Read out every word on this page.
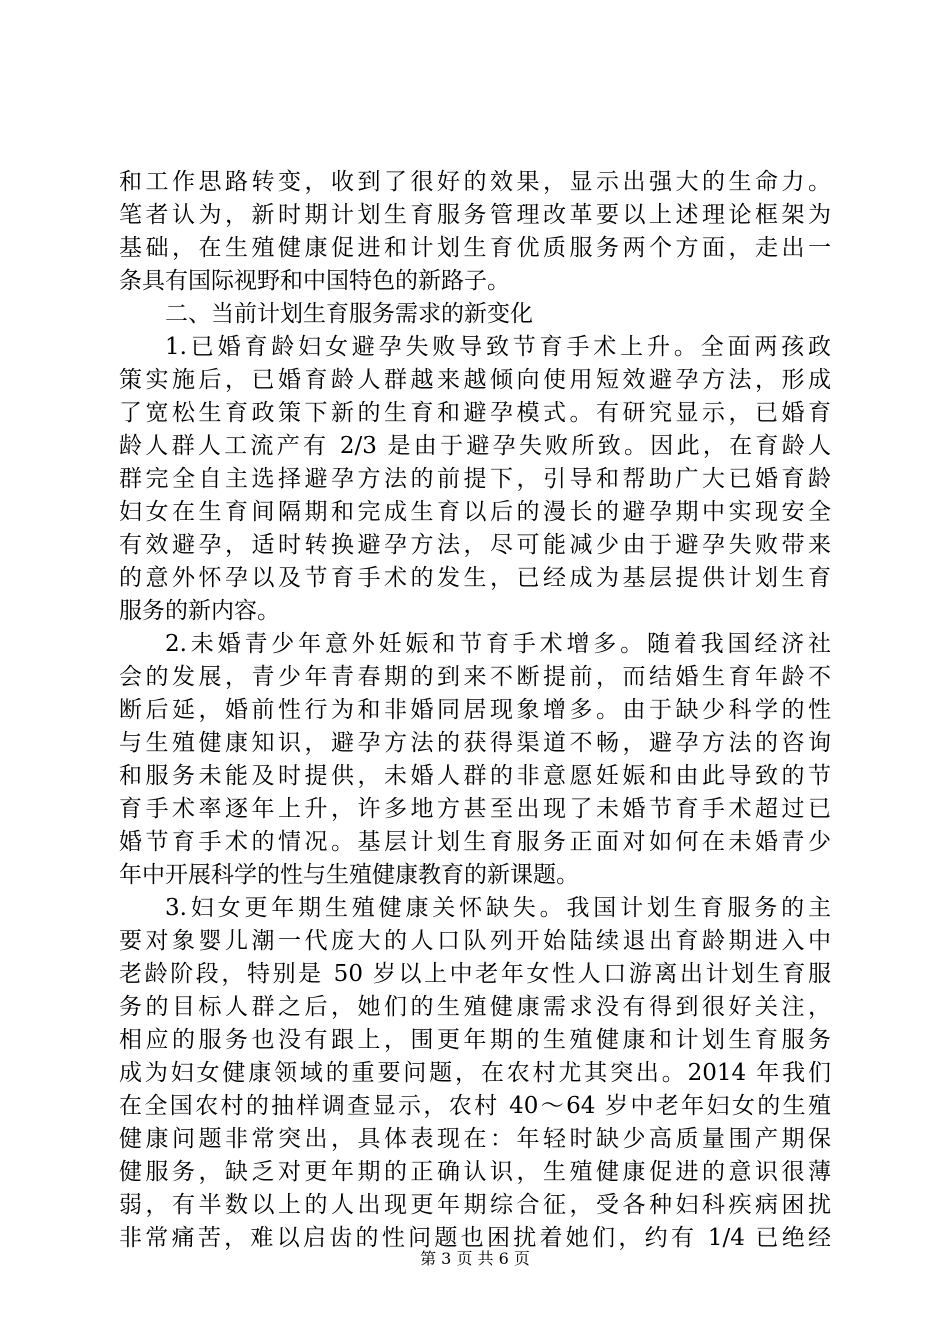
和工作思路转变，收到了很好的效果，显示出强大的生命力。
笔者认为，新时期计划生育服务管理改革要以上述理论框架为
基础，在生殖健康促进和计划生育优质服务两个方面，走出一
条具有国际视野和中国特色的新路子。
二、当前计划生育服务需求的新变化
1.已婚育龄妇女避孕失败导致节育手术上升。全面两孩政
策实施后，已婚育龄人群越来越倾向使用短效避孕方法，形成
了宽松生育政策下新的生育和避孕模式。有研究显示，已婚育
龄人群人工流产有 2/3 是由于避孕失败所致。因此，在育龄人
群完全自主选择避孕方法的前提下，引导和帮助广大已婚育龄
妇女在生育间隔期和完成生育以后的漫长的避孕期中实现安全
有效避孕，适时转换避孕方法，尽可能减少由于避孕失败带来
的意外怀孕以及节育手术的发生，已经成为基层提供计划生育
服务的新内容。
2.未婚青少年意外妊娠和节育手术增多。随着我国经济社
会的发展，青少年青春期的到来不断提前，而结婚生育年龄不
断后延，婚前性行为和非婚同居现象增多。由于缺少科学的性
与生殖健康知识，避孕方法的获得渠道不畅，避孕方法的咨询
和服务未能及时提供，未婚人群的非意愿妊娠和由此导致的节
育手术率逐年上升，许多地方甚至出现了未婚节育手术超过已
婚节育手术的情况。基层计划生育服务正面对如何在未婚青少
年中开展科学的性与生殖健康教育的新课题。
3.妇女更年期生殖健康关怀缺失。我国计划生育服务的主
要对象婴儿潮一代庞大的人口队列开始陆续退出育龄期进入中
老龄阶段，特别是 50 岁以上中老年女性人口游离出计划生育服
务的目标人群之后，她们的生殖健康需求没有得到很好关注，
相应的服务也没有跟上，围更年期的生殖健康和计划生育服务
成为妇女健康领域的重要问题，在农村尤其突出。2014 年我们
在全国农村的抽样调查显示，农村 40～64 岁中老年妇女的生殖
健康问题非常突出，具体表现在：年轻时缺少高质量围产期保
健服务，缺乏对更年期的正确认识，生殖健康促进的意识很薄
弱，有半数以上的人出现更年期综合征，受各种妇科疾病困扰
非常痛苦，难以启齿的性问题也困扰着她们，约有 1/4 已绝经
第 3 页 共 6 页
